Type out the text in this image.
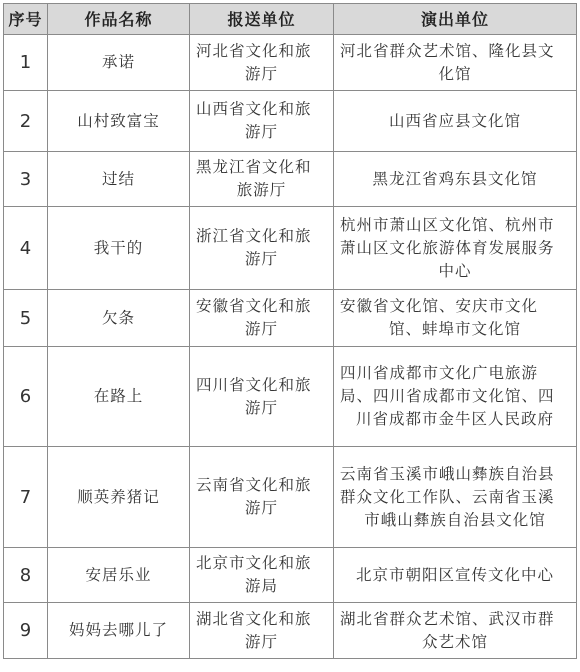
序号	作品名称	报送单位	演出单位
1	承诺	河北省文化和旅游厅	河北省群众艺术馆、隆化县文化馆
2	山村致富宝	山西省文化和旅游厅	山西省应县文化馆
3	过结	黑龙江省文化和旅游厅	黑龙江省鸡东县文化馆
4	我干的	浙江省文化和旅游厅	杭州市萧山区文化馆、杭州市萧山区文化旅游体育发展服务中心
5	欠条	安徽省文化和旅游厅	安徽省文化馆、安庆市文化馆、蚌埠市文化馆
6	在路上	四川省文化和旅游厅	四川省成都市文化广电旅游局、四川省成都市文化馆、四川省成都市金牛区人民政府
7	顺英养猪记	云南省文化和旅游厅	云南省玉溪市峨山彝族自治县群众文化工作队、云南省玉溪市峨山彝族自治县文化馆
8	安居乐业	北京市文化和旅游局	北京市朝阳区宣传文化中心
9	妈妈去哪儿了	湖北省文化和旅游厅	湖北省群众艺术馆、武汉市群众艺术馆
